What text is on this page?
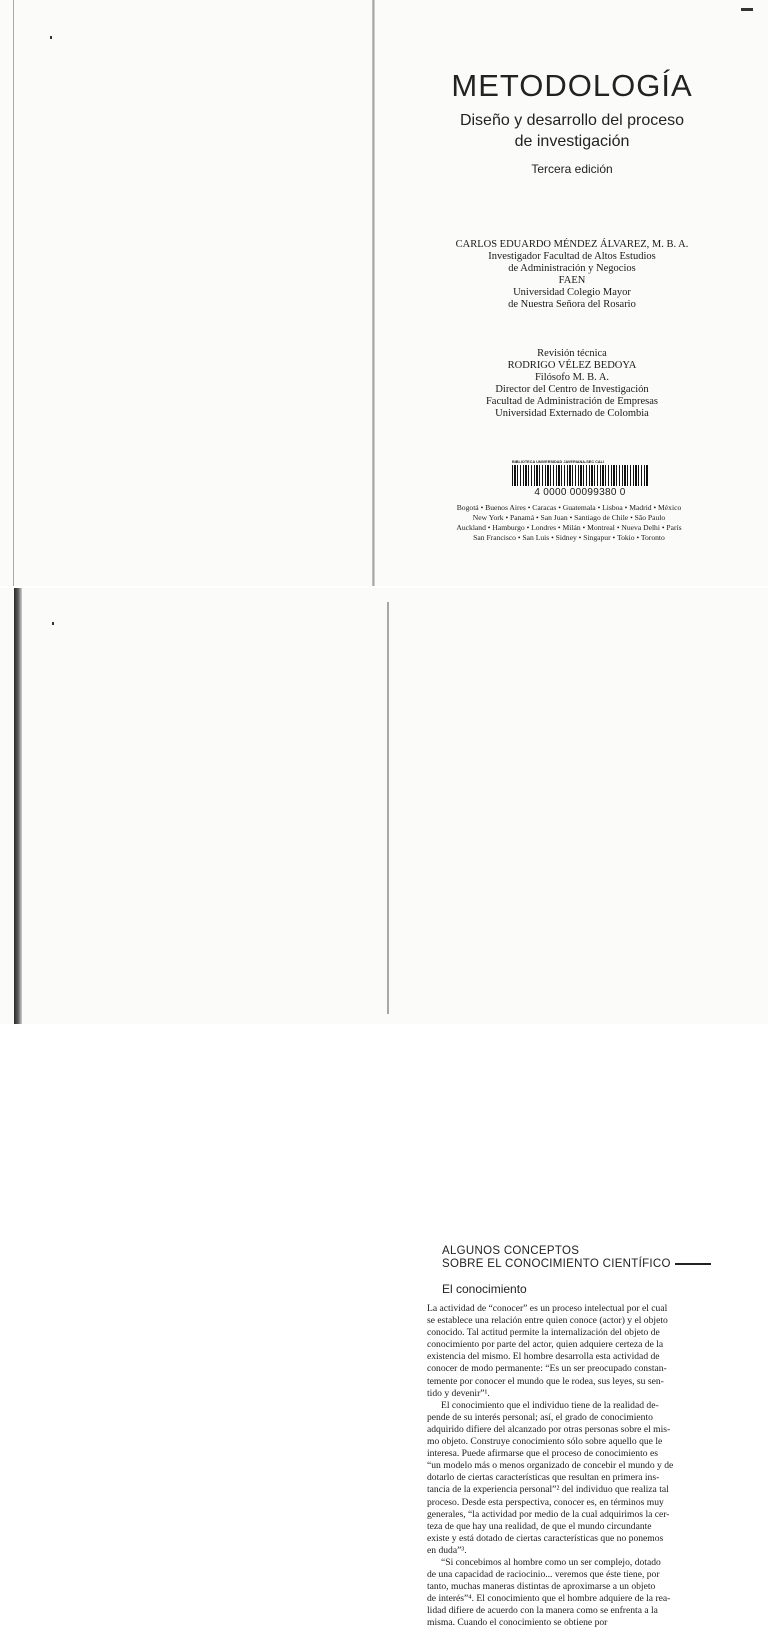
METODOLOGÍA
Diseño y desarrollo del proceso
de investigación
Tercera edición
CARLOS EDUARDO MÉNDEZ ÁLVAREZ, M. B. A.
Investigador Facultad de Altos Estudios
de Administración y Negocios
FAEN
Universidad Colegio Mayor
de Nuestra Señora del Rosario
Revisión técnica
RODRIGO VÉLEZ BEDOYA
Filósofo M. B. A.
Director del Centro de Investigación
Facultad de Administración de Empresas
Universidad Externado de Colombia
BIBLIOTECA UNIVERSIDAD JAVERIANA-SEC CALI
4 0000 00099380 0
Bogotá • Buenos Aires • Caracas • Guatemala • Lisboa • Madrid • México
New York • Panamá • San Juan • Santiago de Chile • São Paulo
Auckland • Hamburgo • Londres • Milán • Montreal • Nueva Delhi • París
San Francisco • San Luis • Sidney • Singapur • Tokio • Toronto
ALGUNOS CONCEPTOS
SOBRE EL CONOCIMIENTO CIENTÍFICO
El conocimiento
La actividad de “conocer” es un proceso intelectual por el cual
se establece una relación entre quien conoce (actor) y el objeto
conocido. Tal actitud permite la internalización del objeto de
conocimiento por parte del actor, quien adquiere certeza de la
existencia del mismo. El hombre desarrolla esta actividad de
conocer de modo permanente: “Es un ser preocupado constan-
temente por conocer el mundo que le rodea, sus leyes, su sen-
tido y devenir”¹.
El conocimiento que el individuo tiene de la realidad de-
pende de su interés personal; así, el grado de conocimiento
adquirido difiere del alcanzado por otras personas sobre el mis-
mo objeto. Construye conocimiento sólo sobre aquello que le
interesa. Puede afirmarse que el proceso de conocimiento es
“un modelo más o menos organizado de concebir el mundo y de
dotarlo de ciertas características que resultan en primera ins-
tancia de la experiencia personal”² del individuo que realiza tal
proceso. Desde esta perspectiva, conocer es, en términos muy
generales, “la actividad por medio de la cual adquirimos la cer-
teza de que hay una realidad, de que el mundo circundante
existe y está dotado de ciertas características que no ponemos
en duda”³.
“Si concebimos al hombre como un ser complejo, dotado
de una capacidad de raciocinio... veremos que éste tiene, por
tanto, muchas maneras distintas de aproximarse a un objeto
de interés”⁴. El conocimiento que el hombre adquiere de la rea-
lidad difiere de acuerdo con la manera como se enfrenta a la
misma. Cuando el conocimiento se obtiene por
